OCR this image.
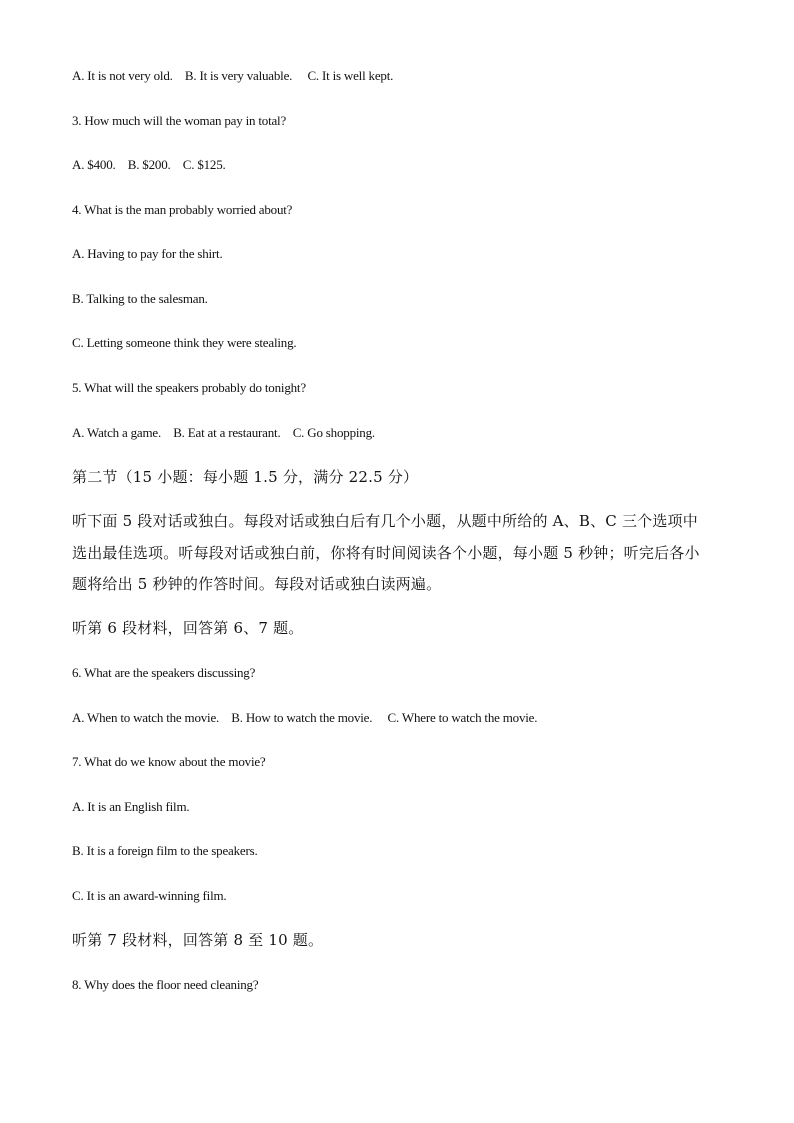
A. It is not very old.    B. It is very valuable.     C. It is well kept.
3. How much will the woman pay in total?
A. $400.    B. $200.    C. $125.
4. What is the man probably worried about?
A. Having to pay for the shirt.
B. Talking to the salesman.
C. Letting someone think they were stealing.
5. What will the speakers probably do tonight?
A. Watch a game.    B. Eat at a restaurant.    C. Go shopping.
第二节（15 小题：每小题 1.5 分，满分 22.5 分）
听下面 5 段对话或独白。每段对话或独白后有几个小题，从题中所给的 A、B、C 三个选项中
选出最佳选项。听每段对话或独白前，你将有时间阅读各个小题，每小题 5 秒钟；听完后各小
题将给出 5 秒钟的作答时间。每段对话或独白读两遍。
听第 6 段材料，回答第 6、7 题。
6. What are the speakers discussing?
A. When to watch the movie.    B. How to watch the movie.     C. Where to watch the movie.
7. What do we know about the movie?
A. It is an English film.
B. It is a foreign film to the speakers.
C. It is an award-winning film.
听第 7 段材料，回答第 8 至 10 题。
8. Why does the floor need cleaning?
